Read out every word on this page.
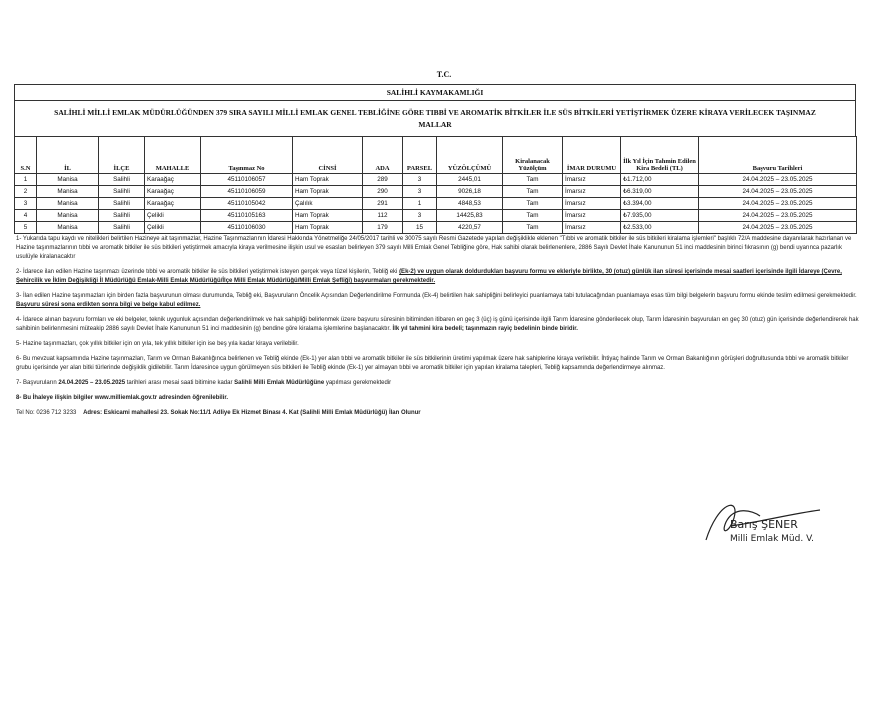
T.C.
SALİHLİ KAYMAKAMLIĞI
SALİHLİ MİLLİ EMLAK MÜDÜRLÜĞÜNDEN 379 SIRA SAYILI MİLLİ EMLAK GENEL TEBLİĞİNE GÖRE TIBBİ VE AROMATİK BİTKİLER İLE SÜS BİTKİLERİ YETİŞTİRMEK ÜZERE KİRAYA VERİLECEK TAŞINMAZ MALLAR
S.N	İL	İLÇE	MAHALLE	Taşınmaz No	CİNSİ	ADA	PARSEL	YÜZÖLÇÜMÜ	Kiralanacak Yüzölçüm	İMAR DURUMU	İlk Yıl İçin Tahmin Edilen Kira Bedeli (TL)	Başvuru Tarihleri
1	Manisa	Salihli	Karaağaç	45110106057	Ham Toprak	289	3	2445,01	Tam	İmarsız	₺1.712,00	24.04.2025 – 23.05.2025
2	Manisa	Salihli	Karaağaç	45110106059	Ham Toprak	290	3	9026,18	Tam	İmarsız	₺6.319,00	24.04.2025 – 23.05.2025
3	Manisa	Salihli	Karaağaç	45110105042	Çalılık	291	1	4848,53	Tam	İmarsız	₺3.394,00	24.04.2025 – 23.05.2025
4	Manisa	Salihli	Çelikli	45110105163	Ham Toprak	112	3	14425,83	Tam	İmarsız	₺7.935,00	24.04.2025 – 23.05.2025
5	Manisa	Salihli	Çelikli	45110106030	Ham Toprak	179	15	4220,57	Tam	İmarsız	₺2.533,00	24.04.2025 – 23.05.2025

1- Yukarıda tapu kaydı ve nitelikleri belirtilen Hazineye ait taşınmazlar, Hazine Taşınmazlarının İdaresi Hakkında Yönetmeliğe 24/05/2017 tarihli ve 30075 sayılı Resmi Gazetede yapılan değişiklikle eklenen "Tıbbi ve aromatik bitkiler ile süs bitkileri kiralama işlemleri" başlıklı 72/A maddesine dayanılarak hazırlanan ve Hazine taşınmazlarının tıbbi ve aromatik bitkiler ile süs bitkileri yetiştirmek amacıyla kiraya verilmesine ilişkin usul ve esasları belirleyen 379 sayılı Milli Emlak Genel Tebliğine göre, Hak sahibi olarak belirlenenlere, 2886 Sayılı Devlet İhale Kanununun 51 inci maddesinin birinci fıkrasının (g) bendi uyarınca pazarlık usulüyle kiralanacaktır

2- İdarece ilan edilen Hazine taşınmazı üzerinde tıbbi ve aromatik bitkiler ile süs bitkileri yetiştirmek isteyen gerçek veya tüzel kişilerin, Tebliğ eki (Ek-2) ve uygun olarak doldurdukları başvuru formu ve ekleriyle birlikte, 30 (otuz) günlük ilan süresi içerisinde mesai saatleri içerisinde ilgili İdareye (Çevre, Şehircilik ve İklim Değişikliği İl Müdürlüğü Emlak-Milli Emlak Müdürlüğü/İlçe Milli Emlak Müdürlüğü/Milli Emlak Şefliği) başvurmaları gerekmektedir.

3- İlan edilen Hazine taşınmazları için birden fazla başvurunun olması durumunda, Tebliğ eki, Başvuruların Öncelik Açısından Değerlendirilme Formunda (Ek-4) belirtilen hak sahipliğini belirleyici puanlamaya tabi tutulacağından puanlamaya esas tüm bilgi belgelerin başvuru formu ekinde teslim edilmesi gerekmektedir. Başvuru süresi sona erdikten sonra bilgi ve belge kabul edilmez.

4- İdarece alınan başvuru formları ve eki belgeler, teknik uygunluk açısından değerlendirilmek ve hak sahipliği belirlenmek üzere başvuru süresinin bitiminden itibaren en geç 3 (üç) iş günü içerisinde ilgili Tarım İdaresine gönderilecek olup, Tarım İdaresinin başvuruları en geç 30 (otuz) gün içerisinde değerlendirerek hak sahibinin belirlenmesini müteakip 2886 sayılı Devlet İhale Kanununun 51 inci maddesinin (g) bendine göre kiralama işlemlerine başlanacaktır. İlk yıl tahmini kira bedeli; taşınmazın rayiç bedelinin binde biridir.

5- Hazine taşınmazları, çok yıllık bitkiler için on yıla, tek yıllık bitkiler için ise beş yıla kadar kiraya verilebilir.

6- Bu mevzuat kapsamında Hazine taşınmazları, Tarım ve Orman Bakanlığınca belirlenen ve Tebliğ ekinde (Ek-1) yer alan tıbbi ve aromatik bitkiler ile süs bitkilerinin üretimi yapılmak üzere hak sahiplerine kiraya verilebilir. İhtiyaç halinde Tarım ve Orman Bakanlığının görüşleri doğrultusunda tıbbi ve aromatik bitkiler grubu içerisinde yer alan bitki türlerinde değişiklik gidilebilir. Tarım İdaresince uygun görülmeyen süs bitkileri ile Tebliğ ekinde (Ek-1) yer almayan tıbbi ve aromatik bitkiler için yapılan kiralama talepleri, Tebliğ kapsamında değerlendirmeye alınmaz.

7- Başvuruların 24.04.2025 – 23.05.2025 tarihleri arası mesai saati bitimine kadar Salihli Milli Emlak Müdürlüğüne yapılması gerekmektedir

8- Bu İhaleye ilişkin bilgiler www.milliemlak.gov.tr adresinden öğrenilebilir.

Tel No: 0236 712 3233 Adres: Eskicami mahallesi 23. Sokak No:11/1 Adliye Ek Hizmet Binası 4. Kat (Salihli Milli Emlak Müdürlüğü) İlan Olunur

Barış ŞENER
Milli Emlak Müd. V.
